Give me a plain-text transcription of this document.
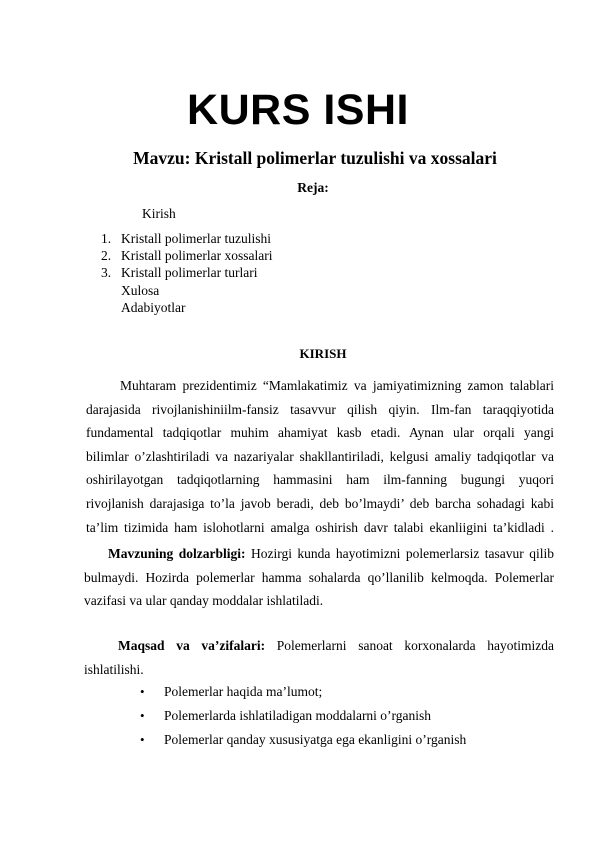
KURS ISHI
Mavzu: Kristall polimerlar tuzulishi va xossalari
Reja:
Kirish
1. Kristall polimerlar tuzulishi
2. Kristall polimerlar xossalari
3. Kristall polimerlar turlari
Xulosa
Adabiyotlar
KIRISH
Muhtaram prezidentimiz “Mamlakatimiz va jamiyatimizning zamon talablari
darajasida rivojlanishiniilm-fansiz tasavvur qilish qiyin. Ilm-fan taraqqiyotida
fundamental tadqiqotlar muhim ahamiyat kasb etadi. Aynan ular orqali yangi
bilimlar o’zlashtiriladi va nazariyalar shakllantiriladi, kelgusi amaliy tadqiqotlar va
oshirilayotgan tadqiqotlarning hammasini ham ilm-fanning bugungi yuqori
rivojlanish darajasiga to’la javob beradi, deb bo’lmaydi’ deb barcha sohadagi kabi
ta’lim tizimida ham islohotlarni amalga oshirish davr talabi ekanliigini ta’kidladi .
Mavzuning dolzarbligi: Hozirgi kunda hayotimizni polemerlarsiz tasavur qilib
bulmaydi. Hozirda polemerlar hamma sohalarda qo’llanilib kelmoqda. Polemerlar
vazifasi va ular qanday moddalar ishlatiladi.
Maqsad va va’zifalari: Polemerlarni sanoat korxonalarda hayotimizda
ishlatilishi.
• Polemerlar haqida ma’lumot;
• Polemerlarda ishlatiladigan moddalarni o’rganish
• Polemerlar qanday xususiyatga ega ekanligini o’rganish
